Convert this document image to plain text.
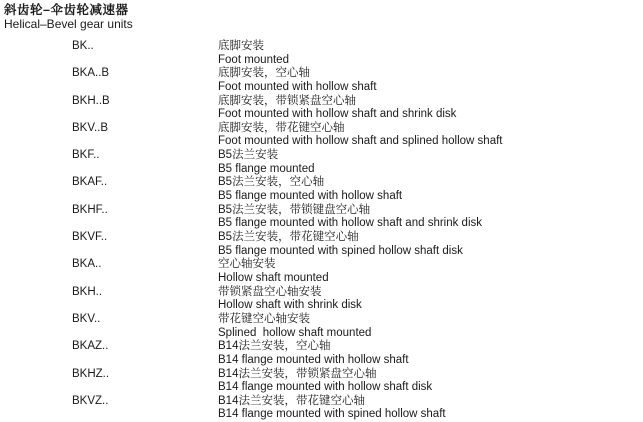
斜齿轮–伞齿轮减速器
Helical–Bevel gear units
BK..	底脚安装
Foot mounted
BKA..B	底脚安装，空心轴
Foot mounted with hollow shaft
BKH..B	底脚安装，带锁紧盘空心轴
Foot mounted with hollow shaft and shrink disk
BKV..B	底脚安装，带花键空心轴
Foot mounted with hollow shaft and splined hollow shaft
BKF..	B5法兰安装
B5 flange mounted
BKAF..	B5法兰安装，空心轴
B5 flange mounted with hollow shaft
BKHF..	B5法兰安装，带锁键盘空心轴
B5 flange mounted with hollow shaft and shrink disk
BKVF..	B5法兰安装，带花键空心轴
B5 flange mounted with spined hollow shaft disk
BKA..	空心轴安装
Hollow shaft mounted
BKH..	带锁紧盘空心轴安装
Hollow shaft with shrink disk
BKV..	带花键空心轴安装
Splined  hollow shaft mounted
BKAZ..	B14法兰安装，空心轴
B14 flange mounted with hollow shaft
BKHZ..	B14法兰安装，带锁紧盘空心轴
B14 flange mounted with hollow shaft disk
BKVZ..	B14法兰安装，带花键空心轴
B14 flange mounted with spined hollow shaft
